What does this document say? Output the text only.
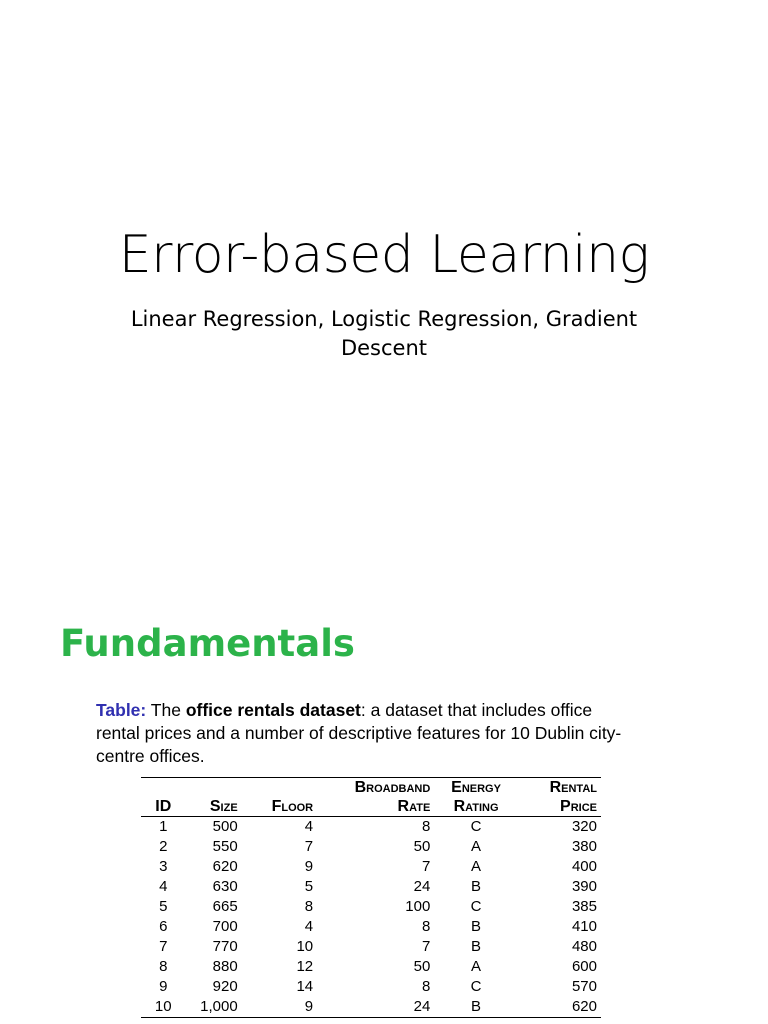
Error-based Learning

Linear Regression, Logistic Regression, Gradient Descent

Fundamentals

Table: The office rentals dataset: a dataset that includes office rental prices and a number of descriptive features for 10 Dublin city-centre offices.

			Broadband	Energy	Rental
ID	Size	Floor	Rate	Rating	Price
1	500	4	8	C	320
2	550	7	50	A	380
3	620	9	7	A	400
4	630	5	24	B	390
5	665	8	100	C	385
6	700	4	8	B	410
7	770	10	7	B	480
8	880	12	50	A	600
9	920	14	8	C	570
10	1,000	9	24	B	620
